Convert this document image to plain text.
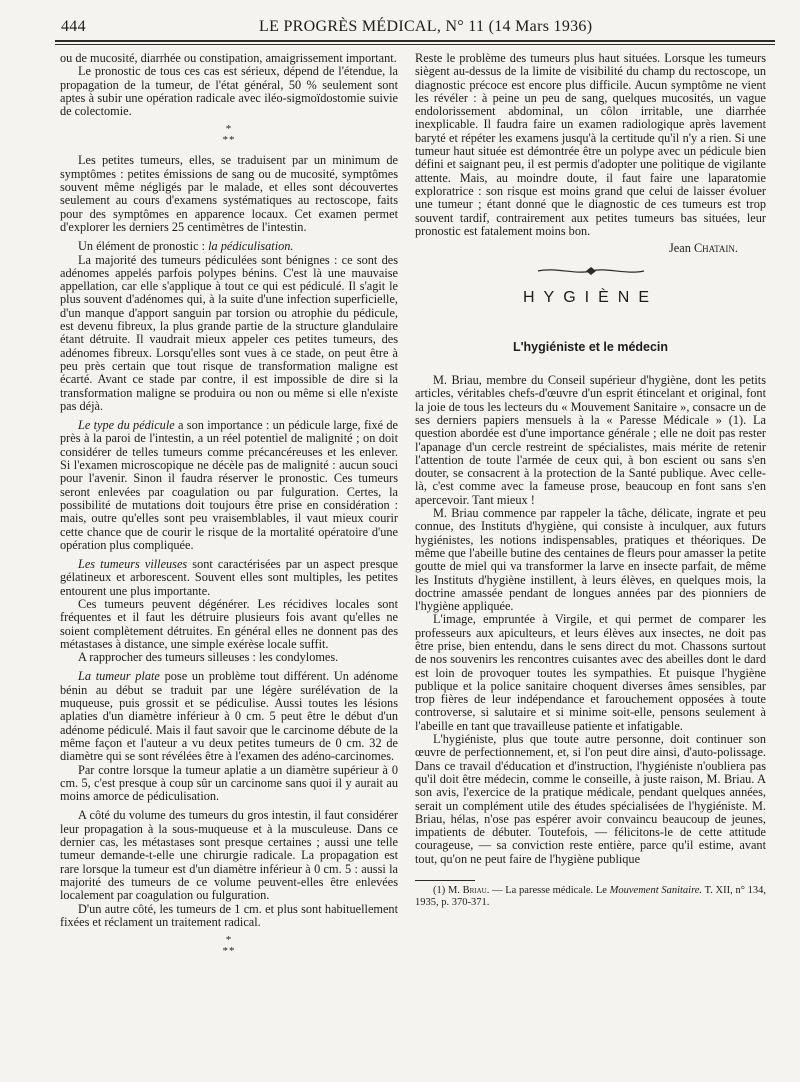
444	LE PROGRÈS MÉDICAL, N° 11 (14 Mars 1936)

ou de mucosité, diarrhée ou constipation, amaigrissement important.

Le pronostic de tous ces cas est sérieux, dépend de l'étendue, la propagation de la tumeur, de l'état général, 50 % seulement sont aptes à subir une opération radicale avec iléo-sigmoïdostomie suivie de colectomie.

*
**

Les petites tumeurs, elles, se traduisent par un minimum de symptômes : petites émissions de sang ou de mucosité, symptômes souvent même négligés par le malade, et elles sont découvertes seulement au cours d'examens systématiques au rectoscope, faits pour des symptômes en apparence locaux. Cet examen permet d'explorer les derniers 25 centimètres de l'intestin.

Un élément de pronostic : la pédiculisation.

La majorité des tumeurs pédiculées sont bénignes : ce sont des adénomes appelés parfois polypes bénins. C'est là une mauvaise appellation, car elle s'applique à tout ce qui est pédiculé. Il s'agit le plus souvent d'adénomes qui, à la suite d'une infection superficielle, d'un manque d'apport sanguin par torsion ou atrophie du pédicule, est devenu fibreux, la plus grande partie de la structure glandulaire étant détruite. Il vaudrait mieux appeler ces petites tumeurs, des adénomes fibreux. Lorsqu'elles sont vues à ce stade, on peut être à peu près certain que tout risque de transformation maligne est écarté. Avant ce stade par contre, il est impossible de dire si la transformation maligne se produira ou non ou même si elle n'existe pas déjà.

Le type du pédicule a son importance : un pédicule large, fixé de près à la paroi de l'intestin, a un réel potentiel de malignité ; on doit considérer de telles tumeurs comme précancéreuses et les enlever. Si l'examen microscopique ne décèle pas de malignité : aucun souci pour l'avenir. Sinon il faudra réserver le pronostic. Ces tumeurs seront enlevées par coagulation ou par fulguration. Certes, la possibilité de mutations doit toujours être prise en considération : mais, outre qu'elles sont peu vraisemblables, il vaut mieux courir cette chance que de courir le risque de la mortalité opératoire d'une opération plus compliquée.

Les tumeurs villeuses sont caractérisées par un aspect presque gélatineux et arborescent. Souvent elles sont multiples, les petites entourent une plus importante.

Ces tumeurs peuvent dégénérer. Les récidives locales sont fréquentes et il faut les détruire plusieurs fois avant qu'elles ne soient complètement détruites. En général elles ne donnent pas des métastases à distance, une simple exérèse locale suffit.

A rapprocher des tumeurs silleuses : les condylomes.

La tumeur plate pose un problème tout différent. Un adénome bénin au début se traduit par une légère surélévation de la muqueuse, puis grossit et se pédiculise. Aussi toutes les lésions aplaties d'un diamètre inférieur à 0 cm. 5 peut être le début d'un adénome pédiculé. Mais il faut savoir que le carcinome débute de la même façon et l'auteur a vu deux petites tumeurs de 0 cm. 32 de diamètre qui se sont révélées être à l'examen des adéno-carcinomes.

Par contre lorsque la tumeur aplatie a un diamètre supérieur à 0 cm. 5, c'est presque à coup sûr un carcinome sans quoi il y aurait au moins amorce de pédiculisation.

A côté du volume des tumeurs du gros intestin, il faut considérer leur propagation à la sous-muqueuse et à la musculeuse. Dans ce dernier cas, les métastases sont presque certaines ; aussi une telle tumeur demande-t-elle une chirurgie radicale. La propagation est rare lorsque la tumeur est d'un diamètre inférieur à 0 cm. 5 : aussi la majorité des tumeurs de ce volume peuvent-elles être enlevées localement par coagulation ou fulguration.

D'un autre côté, les tumeurs de 1 cm. et plus sont habituellement fixées et réclament un traitement radical.

*
**

Reste le problème des tumeurs plus haut situées. Lorsque les tumeurs siègent au-dessus de la limite de visibilité du champ du rectoscope, un diagnostic précoce est encore plus difficile. Aucun symptôme ne vient les révéler : à peine un peu de sang, quelques mucosités, un vague endolorissement abdominal, un côlon irritable, une diarrhée inexplicable. Il faudra faire un examen radiologique après lavement baryté et répéter les examens jusqu'à la certitude qu'il n'y a rien. Si une tumeur haut située est démontrée être un polype avec un pédicule bien défini et saignant peu, il est permis d'adopter une politique de vigilante attente. Mais, au moindre doute, il faut faire une laparatomie exploratrice : son risque est moins grand que celui de laisser évoluer une tumeur ; étant donné que le diagnostic de ces tumeurs est trop souvent tardif, contrairement aux petites tumeurs bas situées, leur pronostic est fatalement moins bon.

Jean Chatain.
HYGIÈNE
L'hygiéniste et le médecin

M. Briau, membre du Conseil supérieur d'hygiène, dont les petits articles, véritables chefs-d'œuvre d'un esprit étincelant et original, font la joie de tous les lecteurs du « Mouvement Sanitaire », consacre un de ses derniers papiers mensuels à la « Paresse Médicale » (1). La question abordée est d'une importance générale ; elle ne doit pas rester l'apanage d'un cercle restreint de spécialistes, mais mérite de retenir l'attention de toute l'armée de ceux qui, à bon escient ou sans s'en douter, se consacrent à la protection de la Santé publique. Avec celle-là, c'est comme avec la fameuse prose, beaucoup en font sans s'en apercevoir. Tant mieux !

M. Briau commence par rappeler la tâche, délicate, ingrate et peu connue, des Instituts d'hygiène, qui consiste à inculquer, aux futurs hygiénistes, les notions indispensables, pratiques et théoriques. De même que l'abeille butine des centaines de fleurs pour amasser la petite goutte de miel qui va transformer la larve en insecte parfait, de même les Instituts d'hygiène instillent, à leurs élèves, en quelques mois, la doctrine amassée pendant de longues années par des pionniers de l'hygiène appliquée.

L'image, empruntée à Virgile, et qui permet de comparer les professeurs aux apiculteurs, et leurs élèves aux insectes, ne doit pas être prise, bien entendu, dans le sens direct du mot. Chassons surtout de nos souvenirs les rencontres cuisantes avec des abeilles dont le dard est loin de provoquer toutes les sympathies. Et puisque l'hygiène publique et la police sanitaire choquent diverses âmes sensibles, par trop fières de leur indépendance et farouchement opposées à toute controverse, si salutaire et si minime soit-elle, pensons seulement à l'abeille en tant que travailleuse patiente et infatigable.

L'hygiéniste, plus que toute autre personne, doit continuer son œuvre de perfectionnement, et, si l'on peut dire ainsi, d'auto-polissage. Dans ce travail d'éducation et d'instruction, l'hygiéniste n'oubliera pas qu'il doit être médecin, comme le conseille, à juste raison, M. Briau. A son avis, l'exercice de la pratique médicale, pendant quelques années, serait un complément utile des études spécialisées de l'hygiéniste. M. Briau, hélas, n'ose pas espérer avoir convaincu beaucoup de jeunes, impatients de débuter. Toutefois, — félicitons-le de cette attitude courageuse, — sa conviction reste entière, parce qu'il estime, avant tout, qu'on ne peut faire de l'hygiène publique

(1) M. Briau. — La paresse médicale. Le Mouvement Sanitaire. T. XII, n° 134, 1935, p. 370-371.
